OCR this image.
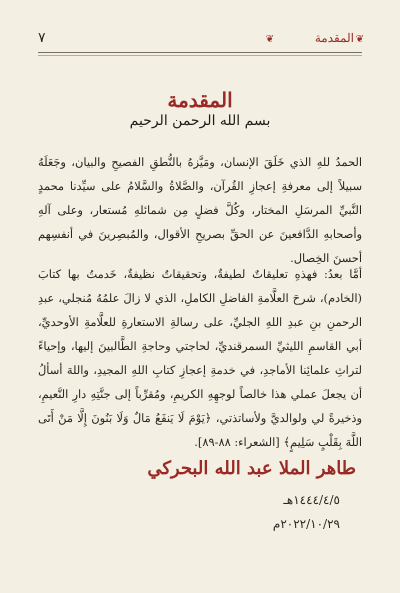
٧	❦	المقدمة ❦
المقدمة
بسم الله الرحمن الرحيم

الحمدُ للهِ الذي خَلَقَ الإنسان، ومَيَّزهُ بالنُّطقِ الفصيحِ والبيان، وجَعَلَهُ سبيلاً إلى معرفةِ إعجازِ القُرآن، والصَّلاةُ والسَّلامُ على سيِّدنا محمدٍ النَّبيِّ المرسَلِ المختار، وكُلَّ فضلٍ مِن شمائلهِ مُستعار، وعلى آلهِ وأصحابهِ الدَّافعينَ عن الحقِّ بصريحِ الأقوال، والمُبصِرينَ في أنفسِهم أحسنَ الخِصال.

أمَّا بعدُ: فهذهِ تعليقاتٌ لطيفةٌ، وتحقيقاتٌ نظيفةٌ، خَدمتُ بها كتابَ (الخادم)، شرحَ العلَّامةِ الفاضلِ الكاملِ، الذي لا زالَ علمُهُ مُنجلي، عبدِ الرحمنِ بنِ عبدِ اللهِ الجليِّ، على رسالةِ الاستعارةِ للعلَّامةِ الأوحديِّ، أبي القاسمِ الليثيِّ السمرقنديِّ، لحاجتي وحاجةِ الطَّالبينَ إليها، وإحياءً لتراثِ علمائِنا الأماجدِ، في خدمةِ إعجازِ كتابِ اللهِ المجيدِ، واللهَ أسألُ أن يجعلَ عملي هذا خالصاً لوجهِهِ الكريمِ، ومُقرِّباً إلى جنَّتِهِ دارِ النَّعيمِ، وذخيرةً لي ولوالديَّ ولأساتذتي، ﴿يَوْمَ لَا يَنفَعُ مَالٌ وَلَا بَنُونَ إِلَّا مَنْ أَتَى اللَّهَ بِقَلْبٍ سَلِيمٍ﴾ [الشعراء: ٨٨-٨٩].

طاهر الملا عبد الله البحركي
١٤٤٤/٤/٥هـ
٢٠٢٢/١٠/٢٩م
